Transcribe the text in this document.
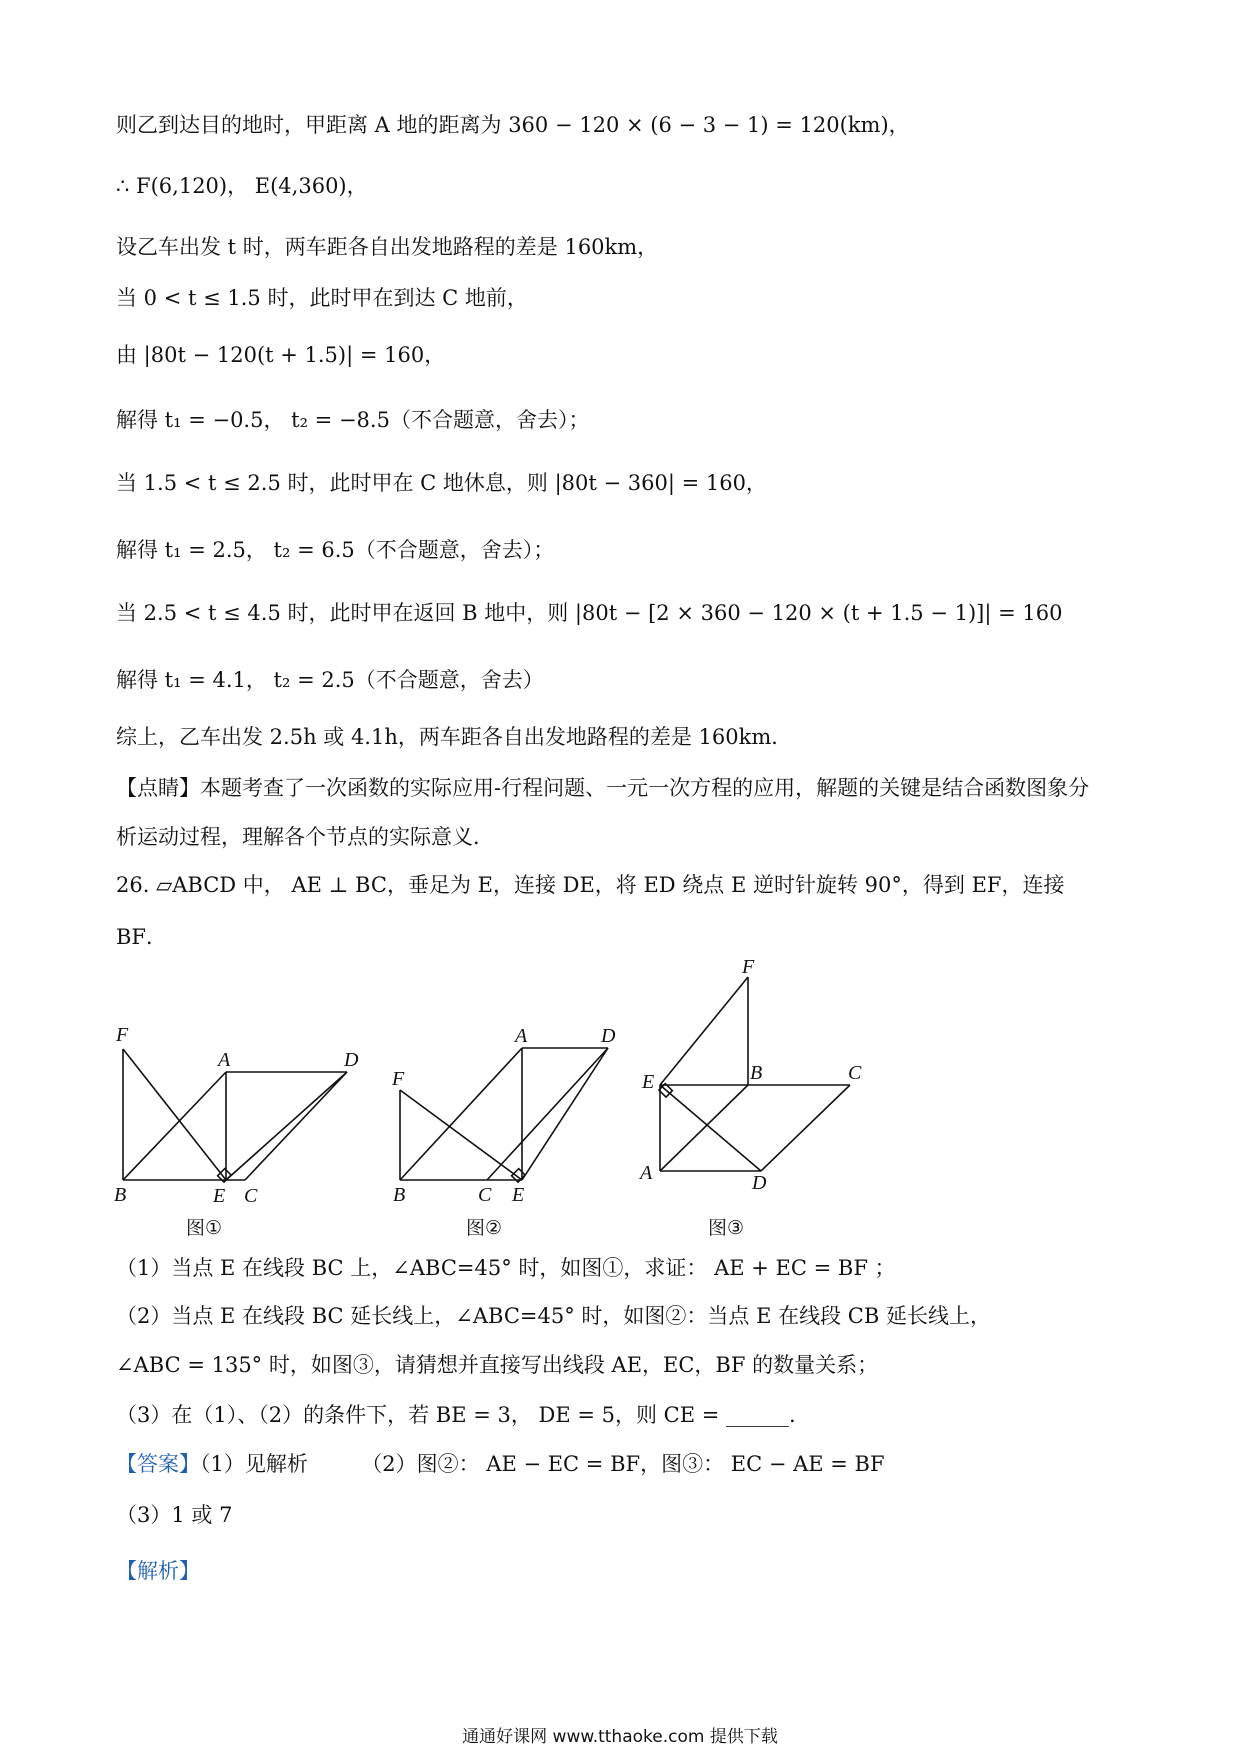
则乙到达目的地时，甲距离 A 地的距离为 360 − 120 × (6 − 3 − 1) = 120(km)，
∴ F(6,120)， E(4,360)，
设乙车出发 t 时，两车距各自出发地路程的差是 160km，
当 0 < t ≤ 1.5 时，此时甲在到达 C 地前，
由 |80t − 120(t + 1.5)| = 160，
解得 t₁ = −0.5， t₂ = −8.5（不合题意，舍去）；
当 1.5 < t ≤ 2.5 时，此时甲在 C 地休息，则 |80t − 360| = 160，
解得 t₁ = 2.5， t₂ = 6.5（不合题意，舍去）；
当 2.5 < t ≤ 4.5 时，此时甲在返回 B 地中，则 |80t − [2 × 360 − 120 × (t + 1.5 − 1)]| = 160
解得 t₁ = 4.1， t₂ = 2.5（不合题意，舍去）
综上，乙车出发 2.5h 或 4.1h，两车距各自出发地路程的差是 160km．
【点睛】本题考查了一次函数的实际应用-行程问题、一元一次方程的应用，解题的关键是结合函数图象分
析运动过程，理解各个节点的实际意义．
26. ▱ABCD 中， AE ⊥ BC，垂足为 E，连接 DE，将 ED 绕点 E 逆时针旋转 90°，得到 EF，连接
BF．
F
A	D
B	E C
图①
A	D
F
B	C E
图②
F
E	B	C
A	D
图③
（1）当点 E 在线段 BC 上，∠ABC=45° 时，如图①，求证： AE + EC = BF ；
（2）当点 E 在线段 BC 延长线上，∠ABC=45° 时，如图②：当点 E 在线段 CB 延长线上，
∠ABC = 135° 时，如图③，请猜想并直接写出线段 AE，EC，BF 的数量关系；
（3）在（1）、（2）的条件下，若 BE = 3， DE = 5，则 CE = ______.
【答案】（1）见解析	（2）图②： AE − EC = BF，图③： EC − AE = BF
（3）1 或 7
【解析】
通通好课网 www.tthaoke.com 提供下载
